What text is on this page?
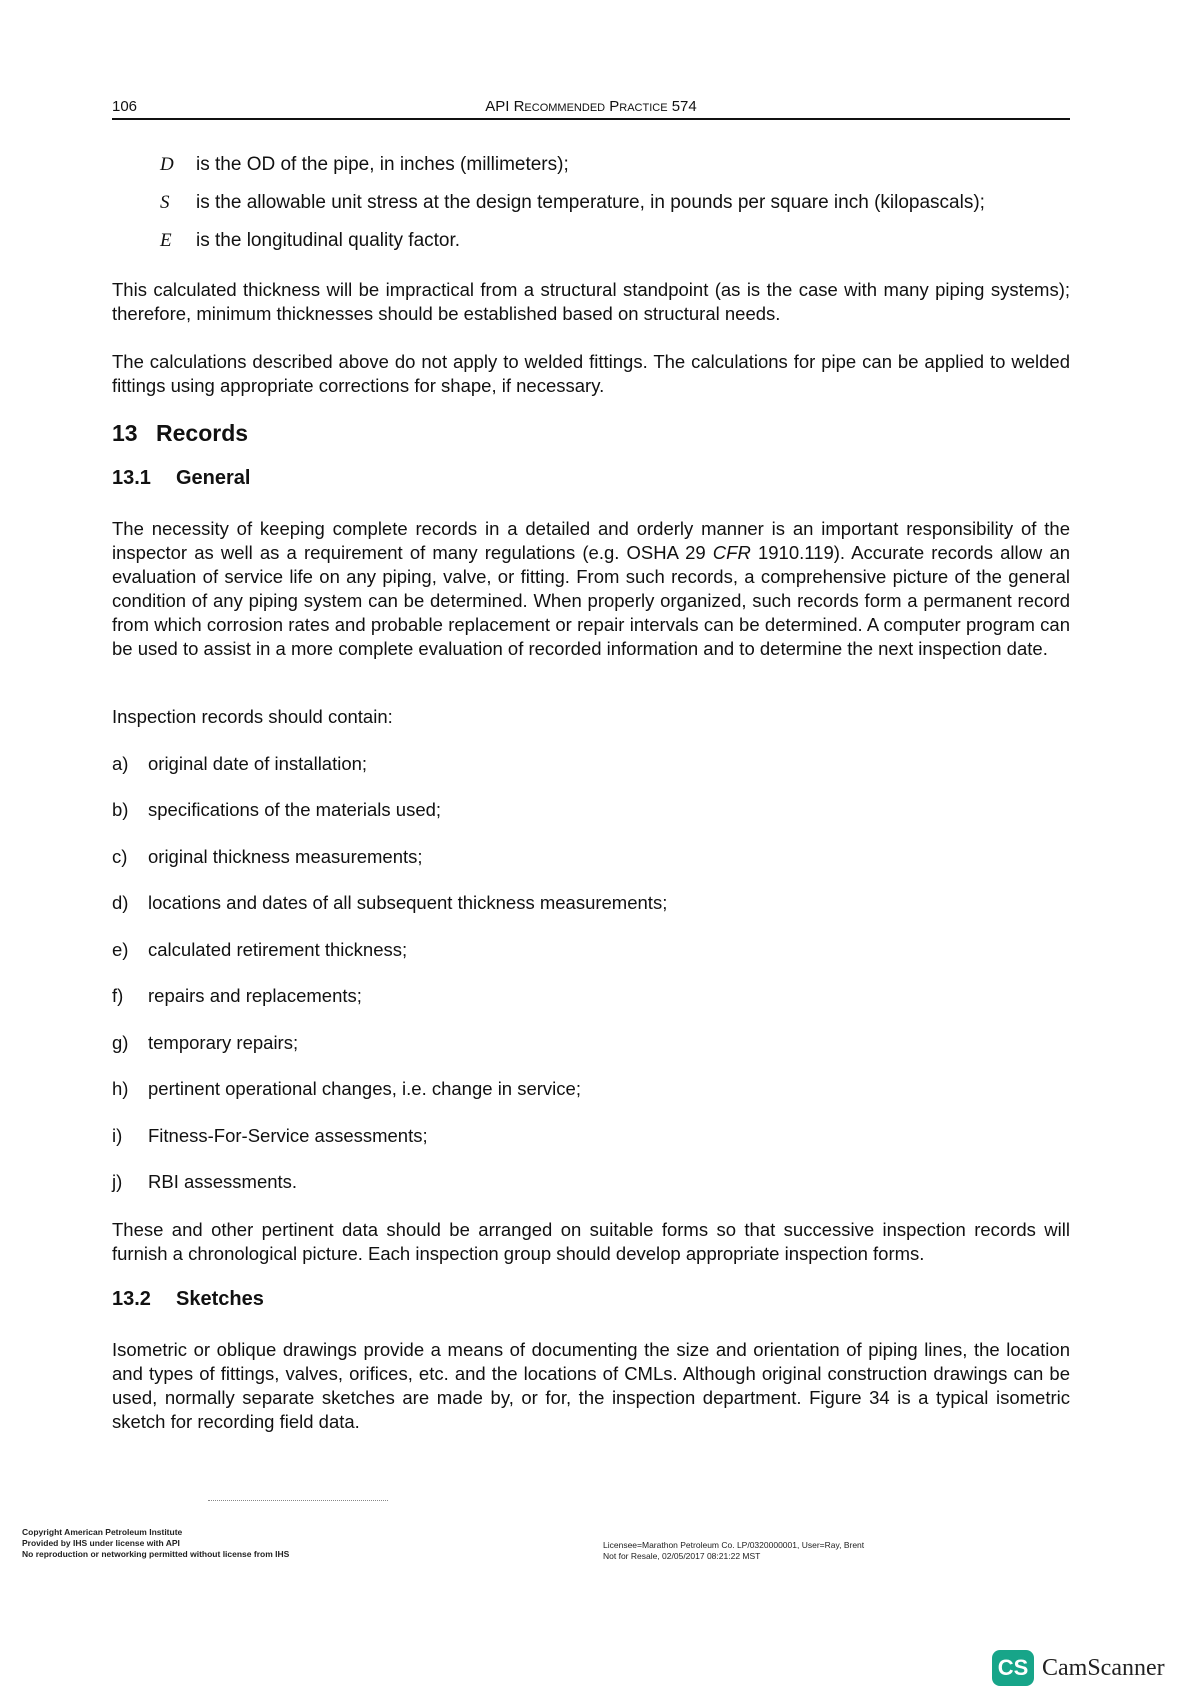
106	API Recommended Practice 574
D is the OD of the pipe, in inches (millimeters);
S is the allowable unit stress at the design temperature, in pounds per square inch (kilopascals);
E is the longitudinal quality factor.

This calculated thickness will be impractical from a structural standpoint (as is the case with many piping systems); therefore, minimum thicknesses should be established based on structural needs.

The calculations described above do not apply to welded fittings. The calculations for pipe can be applied to welded fittings using appropriate corrections for shape, if necessary.

13 Records
13.1 General

The necessity of keeping complete records in a detailed and orderly manner is an important responsibility of the inspector as well as a requirement of many regulations (e.g. OSHA 29 CFR 1910.119). Accurate records allow an evaluation of service life on any piping, valve, or fitting. From such records, a comprehensive picture of the general condition of any piping system can be determined. When properly organized, such records form a permanent record from which corrosion rates and probable replacement or repair intervals can be determined. A computer program can be used to assist in a more complete evaluation of recorded information and to determine the next inspection date.

Inspection records should contain:

a) original date of installation;
b) specifications of the materials used;
c) original thickness measurements;
d) locations and dates of all subsequent thickness measurements;
e) calculated retirement thickness;
f) repairs and replacements;
g) temporary repairs;
h) pertinent operational changes, i.e. change in service;
i) Fitness-For-Service assessments;
j) RBI assessments.

These and other pertinent data should be arranged on suitable forms so that successive inspection records will furnish a chronological picture. Each inspection group should develop appropriate inspection forms.

13.2 Sketches

Isometric or oblique drawings provide a means of documenting the size and orientation of piping lines, the location and types of fittings, valves, orifices, etc. and the locations of CMLs. Although original construction drawings can be used, normally separate sketches are made by, or for, the inspection department. Figure 34 is a typical isometric sketch for recording field data.

Copyright American Petroleum Institute
Provided by IHS under license with API
No reproduction or networking permitted without license from IHS
Licensee=Marathon Petroleum Co. LP/0320000001, User=Ray, Brent
Not for Resale, 02/05/2017 08:21:22 MST
CS CamScanner
